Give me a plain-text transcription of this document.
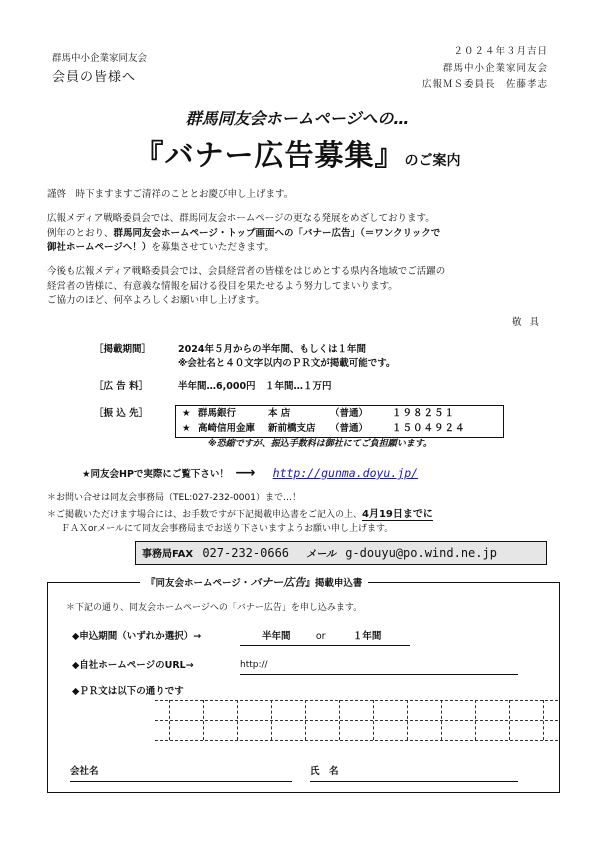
群馬中小企業家同友会
会員の皆様へ
２０２４年３月吉日
群馬中小企業家同友会
広報ＭＳ委員長　佐藤孝志
群馬同友会ホームページへの…
『バナー広告募集』のご案内
謹啓　時下ますますご清祥のこととお慶び申し上げます。
広報メディア戦略委員会では、群馬同友会ホームページの更なる発展をめざしております。
例年のとおり、群馬同友会ホームページ・トップ画面への「バナー広告」（＝ワンクリックで
御社ホームページへ！）を募集させていただきます。
今後も広報メディア戦略委員会では、会員経営者の皆様をはじめとする県内各地域でご活躍の
経営者の皆様に、有意義な情報を届ける役目を果たせるよう努力してまいります。
ご協力のほど、何卒よろしくお願い申し上げます。
敬具
［掲載期間］	2024年５月からの半年間、もしくは１年間
※会社名と４０文字以内のＰＲ文が掲載可能です。
［広 告 料］	半年間…6,000円　１年間…１万円
［振 込 先］	★ 群馬銀行	本 店	（普通）	１９８２５１
★ 高崎信用金庫 新前橋支店 （普通）	１５０４９２４
※恐縮ですが、振込手数料は御社にてご負担願います。
★同友会HPで実際にご覧下さい！ ⟶ http://gunma.doyu.jp/
＊お問い合せは同友会事務局（TEL:027-232-0001）まで…！
＊ご掲載いただけます場合には、お手数ですが下記掲載申込書をご記入の上、4月19日までに
ＦＡＸorメールにて同友会事務局までお送り下さいますようお願い申し上げます。
事務局FAX 027-232-0666 メール g-douyu@po.wind.ne.jp
『同友会ホームページ・バナー広告』掲載申込書
＊下記の通り、同友会ホームページへの「バナー広告」を申し込みます。
◆申込期間（いずれか選択）→	半年間	or	１年間
◆自社ホームページのURL→	http://
◆ＰＲ文は以下の通りです
会社名	氏　名
